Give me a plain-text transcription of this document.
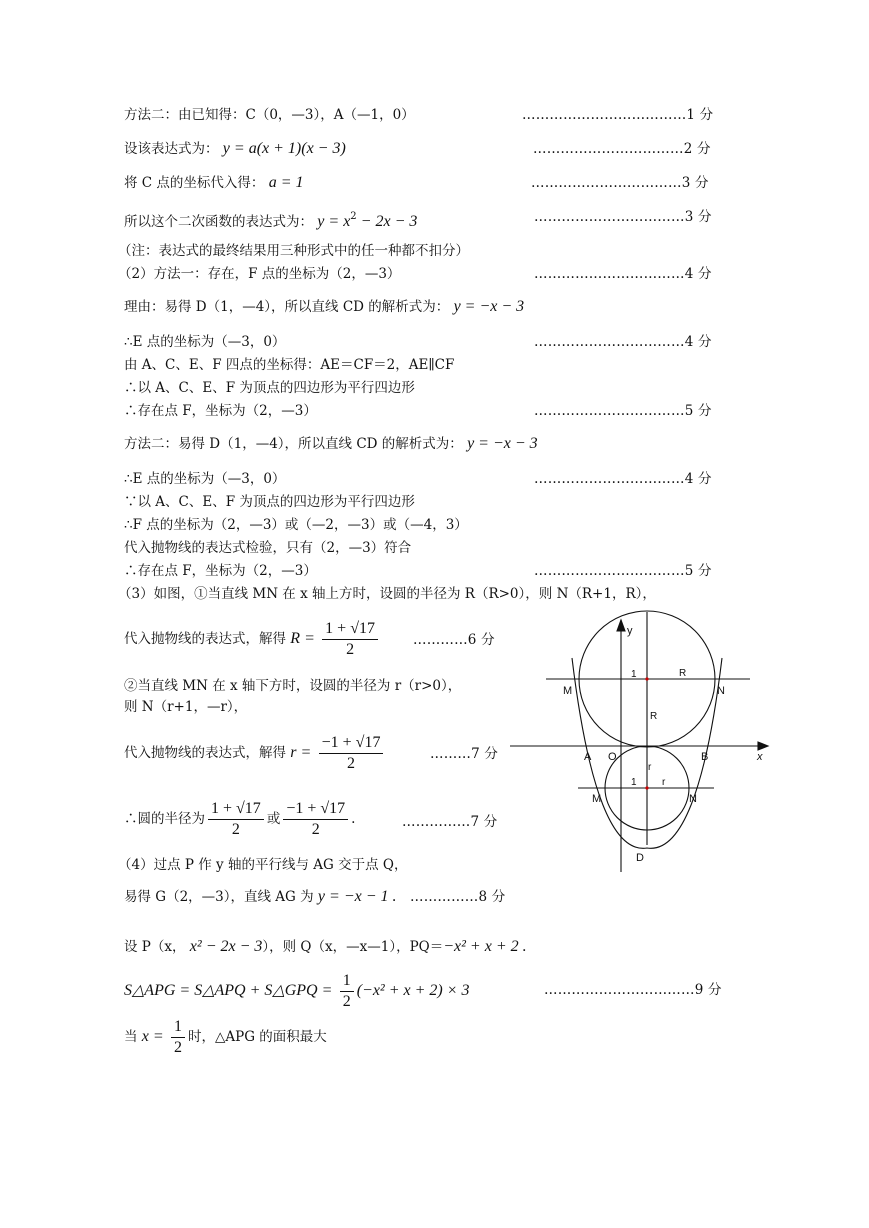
方法二：由已知得：C（0，—3），A（—1，0）	………………………………1 分
设该表达式为： y = a(x + 1)(x − 3)	……………………………2 分
将 C 点的坐标代入得： a = 1	……………………………3 分
所以这个二次函数的表达式为： $y = x^2 - 2x - 3$	……………………………3 分
（注：表达式的最终结果用三种形式中的任一种都不扣分）
（2）方法一：存在，F 点的坐标为（2，—3）	……………………………4 分
理由：易得 D（1，—4），所以直线 CD 的解析式为： y = −x − 3
∴E 点的坐标为（—3，0）	……………………………4 分
由 A、C、E、F 四点的坐标得：AE＝CF＝2，AE∥CF
∴以 A、C、E、F 为顶点的四边形为平行四边形
∴存在点 F，坐标为（2，—3）	……………………………5 分
方法二：易得 D（1，—4），所以直线 CD 的解析式为： y = −x − 3
∴E 点的坐标为（—3，0）	……………………………4 分
∵以 A、C、E、F 为顶点的四边形为平行四边形
∴F 点的坐标为（2，—3）或（—2，—3）或（—4，3）
代入抛物线的表达式检验，只有（2，—3）符合
∴存在点 F，坐标为（2，—3）	……………………………5 分
（3）如图，①当直线 MN 在 x 轴上方时，设圆的半径为 R（R>0），则 N（R+1，R），
代入抛物线的表达式，解得 $R = \frac{1 + √17}{2}$	…………6 分
②当直线 MN 在 x 轴下方时，设圆的半径为 r（r>0），
则 N（r+1，—r），
代入抛物线的表达式，解得 $r = \frac{-1 + √17}{2}$	………7 分
∴圆的半径为 $\frac{1 + √17}{2}$ 或 $\frac{-1 + √17}{2}$ .	……………7 分
（4）过点 P 作 y 轴的平行线与 AG 交于点 Q，
易得 G（2，—3），直线 AG 为 y = −x − 1 . ……………8 分
设 P（x， x² − 2x − 3），则 Q（x，—x—1），PQ＝−x² + x + 2 .
S△APG = S△APQ + S△GPQ = $\frac{1}{2} (-x^2 + x + 2) \times 3$	……………………………9 分
当 $x = \frac{1}{2}$ 时，△APG 的面积最大
y
x
M	N
1	R
R
A O	B
r
M	N
1	r
D
